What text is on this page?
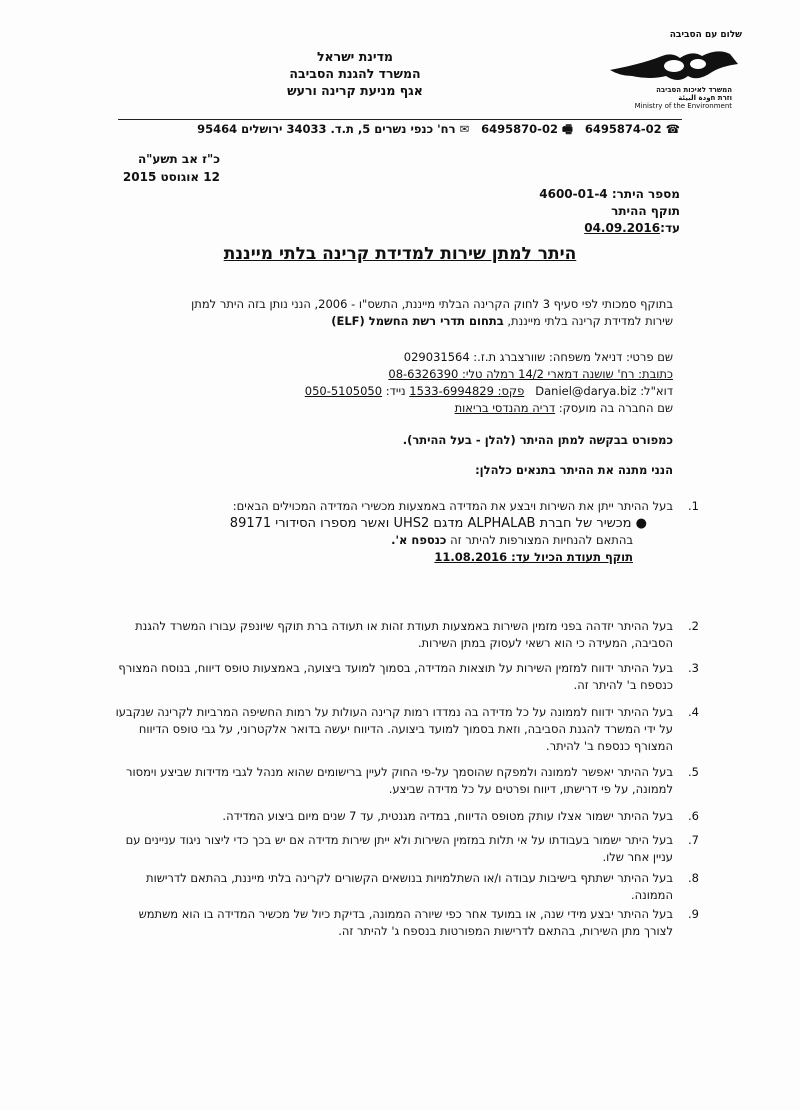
מדינת ישראל
המשרד להגנת הסביבה
אגף מניעת קרינה ורעש
שלום עם הסביבה
המשרד לאיכות הסביבה
וזרת חودة البيئة
Ministry of the Environment
☎ 6495874-02   🖷 6495870-02   ✉ רח' כנפי נשרים 5, ת.ד. 34033 ירושלים 95464
כ"ז אב תשע"ה
12 אוגוסט 2015
מספר היתר: 4600-01-4
תוקף ההיתר עד:04.09.2016
היתר למתן שירות למדידת קרינה בלתי מייננת
בתוקף סמכותי לפי סעיף 3 לחוק הקרינה הבלתי מייננת, התשס"ו - 2006, הנני נותן בזה היתר למתן
שירות למדידת קרינה בלתי מייננת, בתחום תדרי רשת החשמל (ELF)
שם פרטי: דניאל משפחה: שוורצברג ת.ז.: 029031564
כתובת: רח' שושנה דמארי 14/2 רמלה טלי: 08-6326390
דוא"ל: Daniel@darya.biz   פקס: 1533-6994829 נייד: 050-5105050
שם החברה בה מועסק: דריה מהנדסי בריאות
כמפורט בבקשה למתן ההיתר (להלן - בעל ההיתר).
הנני מתנה את ההיתר בתנאים כלהלן:
1.
בעל ההיתר ייתן את השירות ויבצע את המדידה באמצעות מכשירי המדידה המכוילים הבאים:
● מכשיר של חברת ALPHALAB מדגם UHS2 ואשר מספרו הסידורי 89171
בהתאם להנחיות המצורפות להיתר זה כנספח א'.
תוקף תעודת הכיול עד: 11.08.2016
2.

בעל ההיתר יזדהה בפני מזמין השירות באמצעות תעודת זהות או תעודה ברת תוקף שיונפק עבורו המשרד להגנת הסביבה, המעידה כי הוא רשאי לעסוק במתן השירות.

3.

בעל ההיתר ידווח למזמין השירות על תוצאות המדידה, בסמוך למועד ביצועה, באמצעות טופס דיווח, בנוסח המצורף כנספח ב' להיתר זה.

4.

בעל ההיתר ידווח לממונה על כל מדידה בה נמדדו רמות קרינה העולות על רמות החשיפה המרביות לקרינה שנקבעו על ידי המשרד להגנת הסביבה, וזאת בסמוך למועד ביצועה. הדיווח יעשה בדואר אלקטרוני, על גבי טופס הדיווח המצורף כנספח ב' להיתר.

5.

בעל ההיתר יאפשר לממונה ולמפקח שהוסמך על-פי החוק לעיין ברישומים שהוא מנהל לגבי מדידות שביצע וימסור לממונה, על פי דרישתו, דיווח ופרטים על כל מדידה שביצע.

6.

בעל ההיתר ישמור אצלו עותק מטופס הדיווח, במדיה מגנטית, עד 7 שנים מיום ביצוע המדידה.

7.

בעל היתר ישמור בעבודתו על אי תלות במזמין השירות ולא ייתן שירות מדידה אם יש בכך כדי ליצור ניגוד עניינים עם עניין אחר שלו.

8.

בעל ההיתר ישתתף בישיבות עבודה ו/או השתלמויות בנושאים הקשורים לקרינה בלתי מייננת, בהתאם לדרישות הממונה.

9.

בעל ההיתר יבצע מידי שנה, או במועד אחר כפי שיורה הממונה, בדיקת כיול של מכשיר המדידה בו הוא משתמש לצורך מתן השירות, בהתאם לדרישות המפורטות בנספח ג' להיתר זה.
